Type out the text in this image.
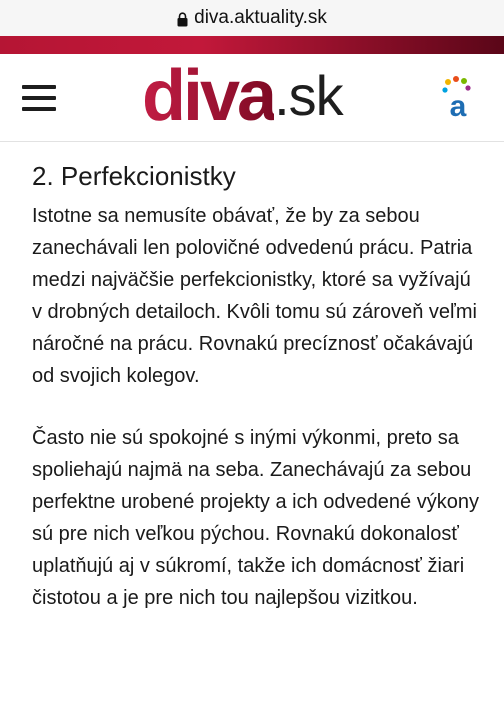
diva.aktuality.sk
diva .sk	a
2. Perfekcionistky

Istotne sa nemusíte obávať, že by za sebou zanechávali len polovičné odvedenú prácu. Patria medzi najväčšie perfekcionistky, ktoré sa vyžívajú v drobných detailoch. Kvôli tomu sú zároveň veľmi náročné na prácu. Rovnakú precíznosť očakávajú od svojich kolegov.

Často nie sú spokojné s inými výkonmi, preto sa spoliehajú najmä na seba. Zanechávajú za sebou perfektne urobené projekty a ich odvedené výkony sú pre nich veľkou pýchou. Rovnakú dokonalosť uplatňujú aj v súkromí, takže ich domácnosť žiari čistotou a je pre nich tou najlepšou vizitkou.
